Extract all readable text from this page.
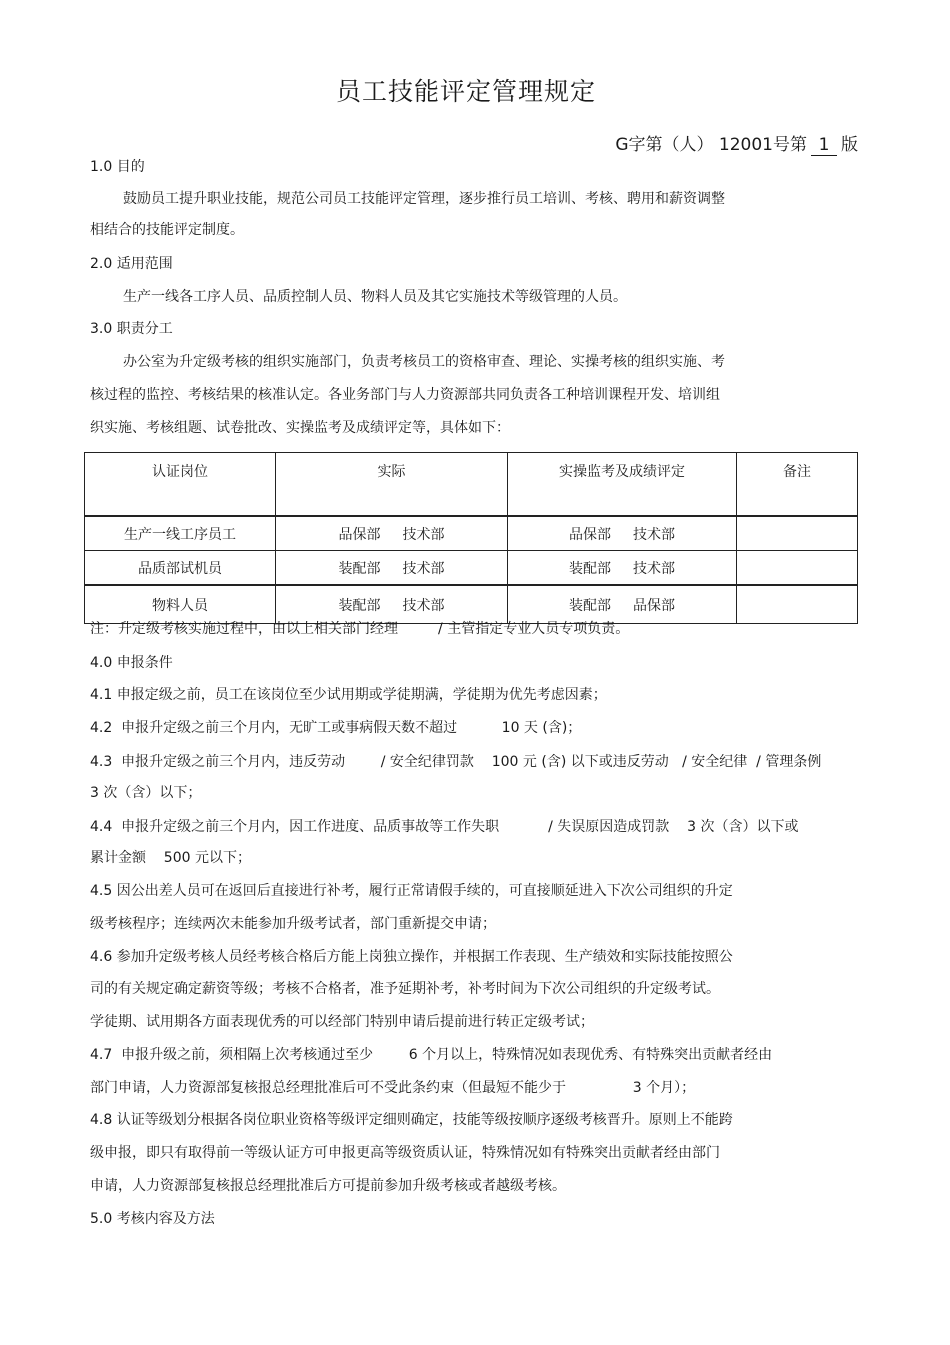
员工技能评定管理规定
G字第（人） 12001号第 1 版
1.0 目的
鼓励员工提升职业技能，规范公司员工技能评定管理，逐步推行员工培训、考核、聘用和薪资调整
相结合的技能评定制度。
2.0 适用范围
生产一线各工序人员、品质控制人员、物料人员及其它实施技术等级管理的人员。
3.0 职责分工
办公室为升定级考核的组织实施部门，负责考核员工的资格审查、理论、实操考核的组织实施、考
核过程的监控、考核结果的核准认定。各业务部门与人力资源部共同负责各工种培训课程开发、培训组
织实施、考核组题、试卷批改、实操监考及成绩评定等，具体如下：
认证岗位	实际	实操监考及成绩评定	备注
生产一线工序员工	品保部 技术部	品保部 技术部	
品质部试机员	装配部 技术部	装配部 技术部	
物料人员	装配部 技术部	装配部 品保部	
注：升定级考核实施过程中，由以上相关部门经理         / 主管指定专业人员专项负责。
4.0 申报条件
4.1 申报定级之前，员工在该岗位至少试用期或学徒期满，学徒期为优先考虑因素；
4.2  申报升定级之前三个月内，无旷工或事病假天数不超过          10 天 (含)；
4.3  申报升定级之前三个月内，违反劳动        / 安全纪律罚款    100 元 (含) 以下或违反劳动   / 安全纪律  / 管理条例
3 次（含）以下；
4.4  申报升定级之前三个月内，因工作进度、品质事故等工作失职           / 失误原因造成罚款    3 次（含）以下或
累计金额    500 元以下；
4.5 因公出差人员可在返回后直接进行补考，履行正常请假手续的，可直接顺延进入下次公司组织的升定
级考核程序；连续两次未能参加升级考试者，部门重新提交申请；
4.6 参加升定级考核人员经考核合格后方能上岗独立操作，并根据工作表现、生产绩效和实际技能按照公
司的有关规定确定薪资等级；考核不合格者，准予延期补考，补考时间为下次公司组织的升定级考试。
学徒期、试用期各方面表现优秀的可以经部门特别申请后提前进行转正定级考试；
4.7  申报升级之前，须相隔上次考核通过至少        6 个月以上，特殊情况如表现优秀、有特殊突出贡献者经由
部门申请，人力资源部复核报总经理批准后可不受此条约束（但最短不能少于               3 个月）；
4.8 认证等级划分根据各岗位职业资格等级评定细则确定，技能等级按顺序逐级考核晋升。原则上不能跨
级申报，即只有取得前一等级认证方可申报更高等级资质认证，特殊情况如有特殊突出贡献者经由部门
申请，人力资源部复核报总经理批准后方可提前参加升级考核或者越级考核。
5.0 考核内容及方法
